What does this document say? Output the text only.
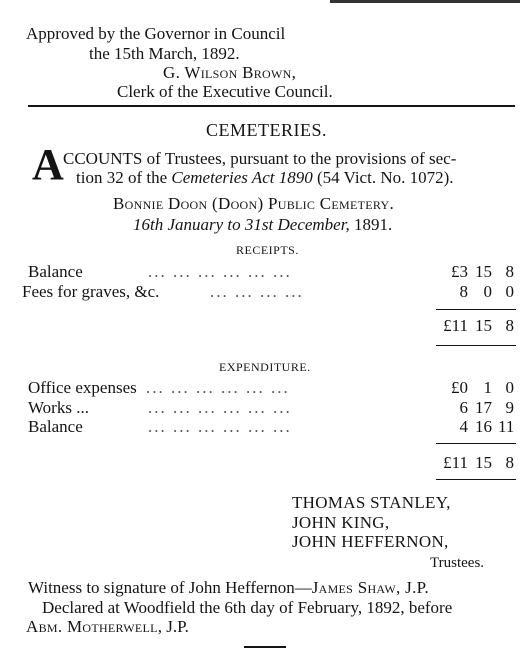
Approved by the Governor in Council
the 15th March, 1892.
G. Wilson Brown,
Clerk of the Executive Council.
CEMETERIES.
A CCOUNTS of Trustees, pursuant to the provisions of sec-
tion 32 of the Cemeteries Act 1890 (54 Vict. No. 1072).
Bonnie Doon (Doon) Public Cemetery.
16th January to 31st December, 1891.
RECEIPTS.
Balance	... ... ... ... ... ...	£3 15 8
Fees for graves, &c.	... ... ... ...	8 0 0
£11 15 8
EXPENDITURE.
Office expenses ... ... ... ... ... ...	£0 1 0
Works ...	... ... ... ... ... ...	6 17 9
Balance	... ... ... ... ... ...	4 16 11
£11 15 8
THOMAS STANLEY,
JOHN KING,
JOHN HEFFERNON,
Trustees.
Witness to signature of John Heffernon—James Shaw, J.P.
Declared at Woodfield the 6th day of February, 1892, before
Abm. Motherwell, J.P.
